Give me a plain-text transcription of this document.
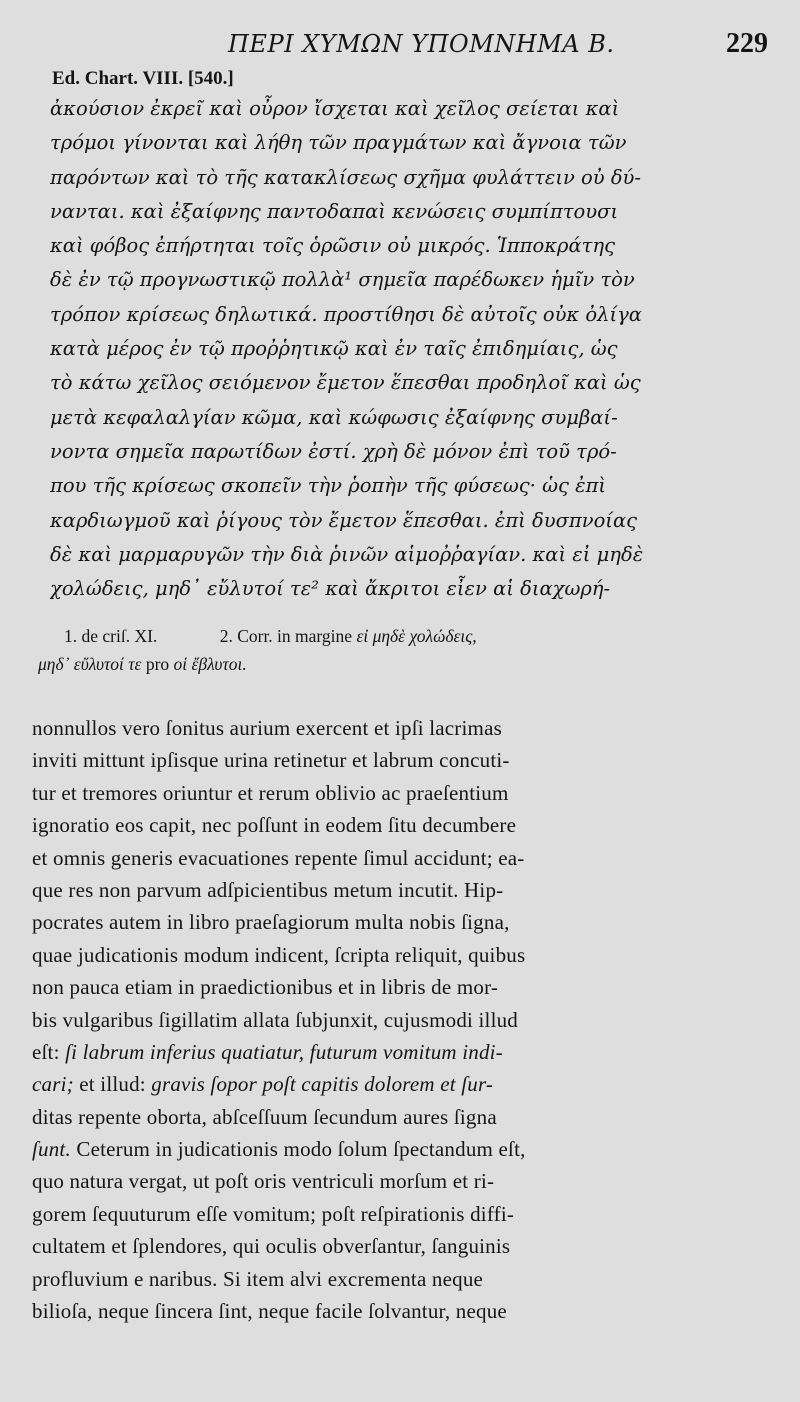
ΠΕΡΙ ΧΥΜΩΝ ΥΠΟΜΝΗΜΑ Β.	229
Ed. Chart. VIII. [540.]
ἀκούσιον ἐκρεῖ καὶ οὖρον ἴσχεται καὶ χεῖλος σείεται καὶ
τρόμοι γίνονται καὶ λήθη τῶν πραγμάτων καὶ ἄγνοια τῶν
παρόντων καὶ τὸ τῆς κατακλίσεως σχῆμα φυλάττειν οὐ δύ-
νανται. καὶ ἐξαίφνης παντοδαπαὶ κενώσεις συμπίπτουσι
καὶ φόβος ἐπήρτηται τοῖς ὁρῶσιν οὐ μικρός. Ἱπποκράτης
δὲ ἐν τῷ προγνωστικῷ πολλὰ¹ σημεῖα παρέδωκεν ἡμῖν τὸν
τρόπον κρίσεως δηλωτικά. προστίθησι δὲ αὐτοῖς οὐκ ὀλίγα
κατὰ μέρος ἐν τῷ προῤῥητικῷ καὶ ἐν ταῖς ἐπιδημίαις, ὡς
τὸ κάτω χεῖλος σειόμενον ἔμετον ἕπεσθαι προδηλοῖ καὶ ὡς
μετὰ κεφαλαλγίαν κῶμα, καὶ κώφωσις ἐξαίφνης συμβαί-
νοντα σημεῖα παρωτίδων ἐστί. χρὴ δὲ μόνον ἐπὶ τοῦ τρό-
που τῆς κρίσεως σκοπεῖν τὴν ῥοπὴν τῆς φύσεως· ὡς ἐπὶ
καρδιωγμοῦ καὶ ῥίγους τὸν ἔμετον ἕπεσθαι. ἐπὶ δυσπνοίας
δὲ καὶ μαρμαρυγῶν τὴν διὰ ῥινῶν αἱμοῤῥαγίαν. καὶ εἰ μηδὲ
χολώδεις, μηδ᾽ εὔλυτοί τε² καὶ ἄκριτοι εἶεν αἱ διαχωρή-
1. de criſ. XI.	2. Corr. in margine εἰ μηδὲ χολώδεις,
μηδ᾽ εὔλυτοί τε pro οἱ ἔβλυτοι.
nonnullos vero ſonitus aurium exercent et ipſi lacrimas
inviti mittunt ipſisque urina retinetur et labrum concuti-
tur et tremores oriuntur et rerum oblivio ac praeſentium
ignoratio eos capit, nec poſſunt in eodem ſitu decumbere
et omnis generis evacuationes repente ſimul accidunt; ea-
que res non parvum adſpicientibus metum incutit. Hip-
pocrates autem in libro praeſagiorum multa nobis ſigna,
quae judicationis modum indicent, ſcripta reliquit, quibus
non pauca etiam in praedictionibus et in libris de mor-
bis vulgaribus ſigillatim allata ſubjunxit, cujusmodi illud
eſt: ſi labrum inferius quatiatur, futurum vomitum indi-
cari; et illud: gravis ſopor poſt capitis dolorem et ſur-
ditas repente oborta, abſceſſuum ſecundum aures ſigna
ſunt. Ceterum in judicationis modo ſolum ſpectandum eſt,
quo natura vergat, ut poſt oris ventriculi morſum et ri-
gorem ſequuturum eſſe vomitum; poſt reſpirationis diffi-
cultatem et ſplendores, qui oculis obverſantur, ſanguinis
profluvium e naribus. Si item alvi excrementa neque
bilioſa, neque ſincera ſint, neque facile ſolvantur, neque
